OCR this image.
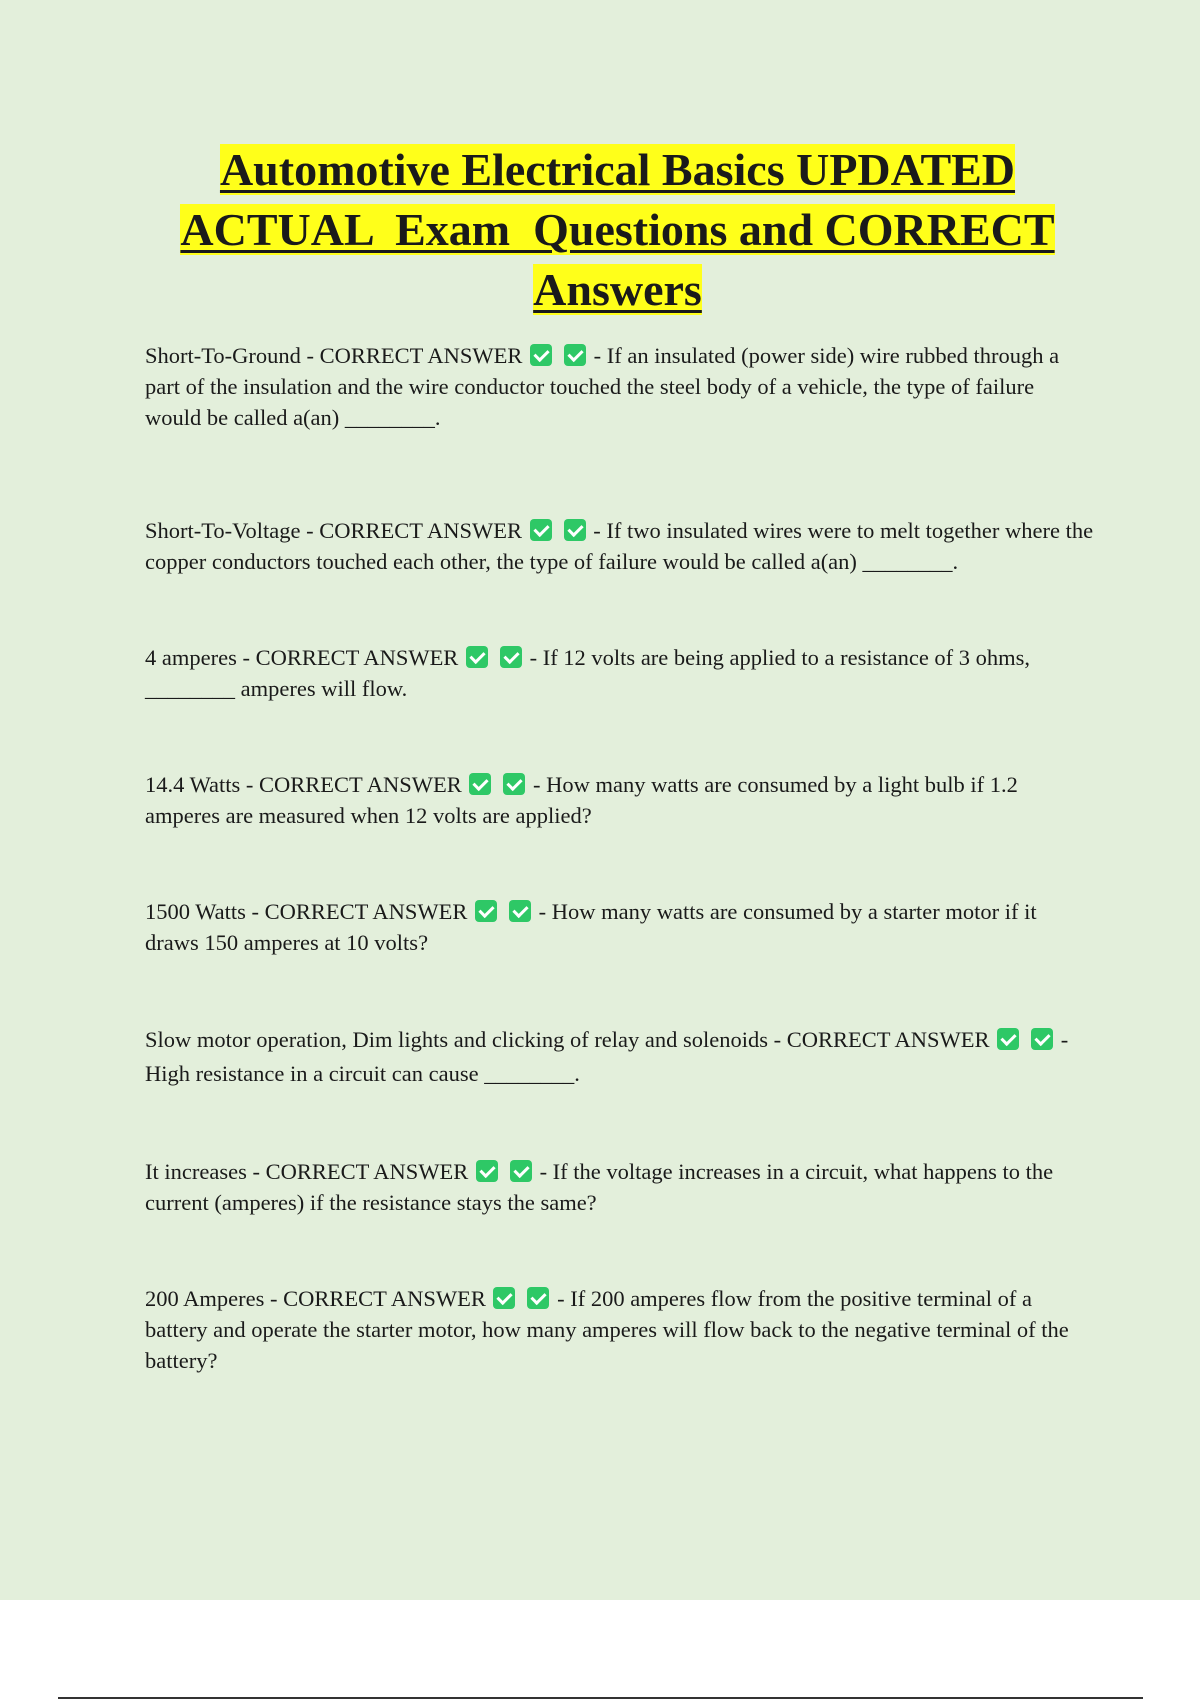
Automotive Electrical Basics UPDATED
ACTUAL  Exam  Questions and CORRECT
Answers

Short-To-Ground - CORRECT ANSWER	- If an insulated (power side) wire rubbed through a part of the insulation and the wire conductor touched the steel body of a vehicle, the type of failure would be called a(an) ________.

Short-To-Voltage - CORRECT ANSWER	- If two insulated wires were to melt together where the copper conductors touched each other, the type of failure would be called a(an) ________.

4 amperes - CORRECT ANSWER	- If 12 volts are being applied to a resistance of 3 ohms, ________ amperes will flow.

14.4 Watts - CORRECT ANSWER	- How many watts are consumed by a light bulb if 1.2 amperes are measured when 12 volts are applied?

1500 Watts - CORRECT ANSWER	- How many watts are consumed by a starter motor if it draws 150 amperes at 10 volts?

Slow motor operation, Dim lights and clicking of relay and solenoids - CORRECT ANSWER	- High resistance in a circuit can cause ________.

It increases - CORRECT ANSWER	- If the voltage increases in a circuit, what happens to the current (amperes) if the resistance stays the same?

200 Amperes - CORRECT ANSWER	- If 200 amperes flow from the positive terminal of a battery and operate the starter motor, how many amperes will flow back to the negative terminal of the battery?
